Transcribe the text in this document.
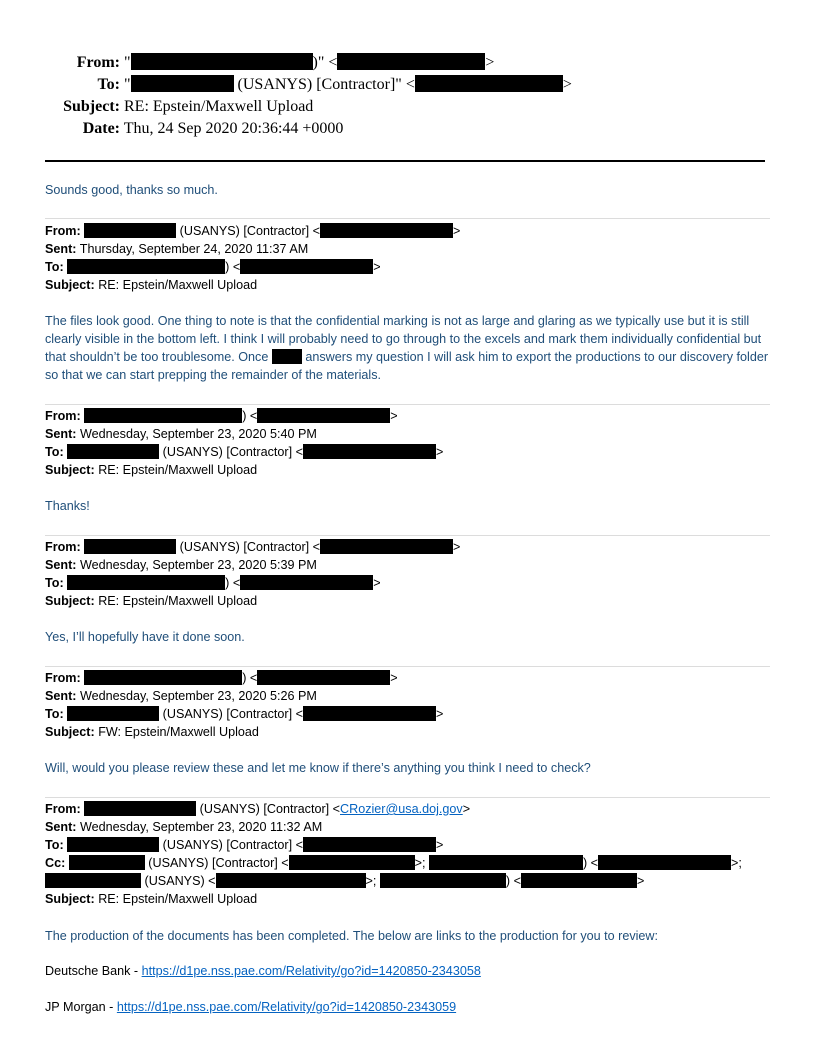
From: "	)" <	>
To: "	(USANYS) [Contractor]" <	>
Subject: RE: Epstein/Maxwell Upload
Date: Thu, 24 Sep 2020 20:36:44 +0000
Sounds good, thanks so much.
From:	(USANYS) [Contractor] <	>
Sent: Thursday, September 24, 2020 11:37 AM
To:	) <	>
Subject: RE: Epstein/Maxwell Upload
The files look good. One thing to note is that the confidential marking is not as large and glaring as we typically use but it is still clearly visible in the bottom left. I think I will probably need to go through to the excels and mark them individually confidential but that shouldn’t be too troublesome. Once  answers my question I will ask him to export the productions to our discovery folder so that we can start prepping the remainder of the materials.
From:	) <	>
Sent: Wednesday, September 23, 2020 5:40 PM
To:	(USANYS) [Contractor] <	>
Subject: RE: Epstein/Maxwell Upload
Thanks!
From:	(USANYS) [Contractor] <	>
Sent: Wednesday, September 23, 2020 5:39 PM
To:	) <	>
Subject: RE: Epstein/Maxwell Upload
Yes, I’ll hopefully have it done soon.
From:	) <	>
Sent: Wednesday, September 23, 2020 5:26 PM
To:	(USANYS) [Contractor] <	>
Subject: FW: Epstein/Maxwell Upload
Will, would you please review these and let me know if there’s anything you think I need to check?
From:	(USANYS) [Contractor] <CRozier@usa.doj.gov>
Sent: Wednesday, September 23, 2020 11:32 AM
To:	(USANYS) [Contractor] <	>
Cc:	(USANYS) [Contractor] <	>;	) <	>;
(USANYS) <	>;	) <	>
Subject: RE: Epstein/Maxwell Upload
The production of the documents has been completed. The below are links to the production for you to review:
Deutsche Bank - https://d1pe.nss.pae.com/Relativity/go?id=1420850-2343058
JP Morgan - https://d1pe.nss.pae.com/Relativity/go?id=1420850-2343059
